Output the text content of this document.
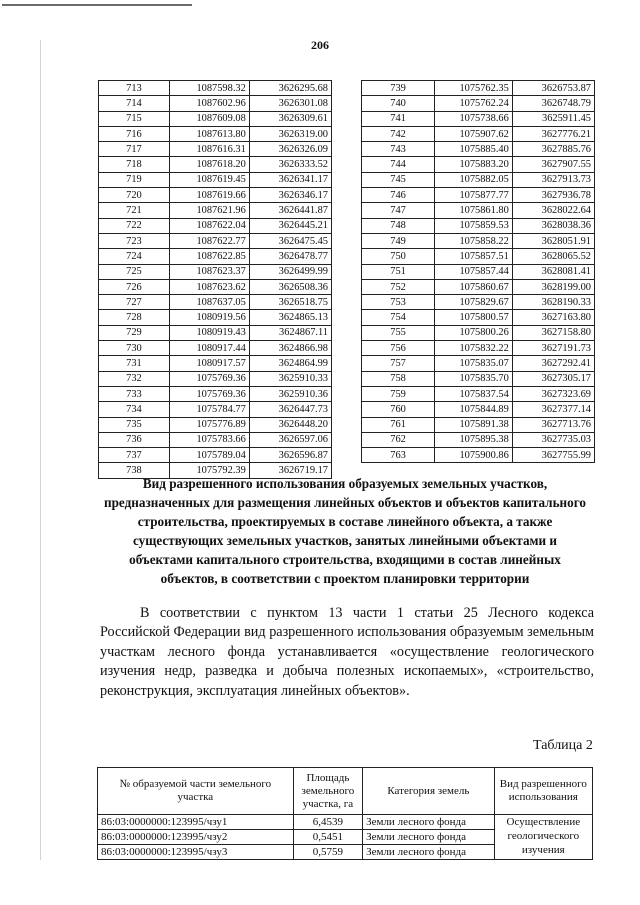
206
713	1087598.32	3626295.68
714	1087602.96	3626301.08
715	1087609.08	3626309.61
716	1087613.80	3626319.00
717	1087616.31	3626326.09
718	1087618.20	3626333.52
719	1087619.45	3626341.17
720	1087619.66	3626346.17
721	1087621.96	3626441.87
722	1087622.04	3626445.21
723	1087622.77	3626475.45
724	1087622.85	3626478.77
725	1087623.37	3626499.99
726	1087623.62	3626508.36
727	1087637.05	3626518.75
728	1080919.56	3624865.13
729	1080919.43	3624867.11
730	1080917.44	3624866.98
731	1080917.57	3624864.99
732	1075769.36	3625910.33
733	1075769.36	3625910.36
734	1075784.77	3626447.73
735	1075776.89	3626448.20
736	1075783.66	3626597.06
737	1075789.04	3626596.87
738	1075792.39	3626719.17
739	1075762.35	3626753.87
740	1075762.24	3626748.79
741	1075738.66	3625911.45
742	1075907.62	3627776.21
743	1075885.40	3627885.76
744	1075883.20	3627907.55
745	1075882.05	3627913.73
746	1075877.77	3627936.78
747	1075861.80	3628022.64
748	1075859.53	3628038.36
749	1075858.22	3628051.91
750	1075857.51	3628065.52
751	1075857.44	3628081.41
752	1075860.67	3628199.00
753	1075829.67	3628190.33
754	1075800.57	3627163.80
755	1075800.26	3627158.80
756	1075832.22	3627191.73
757	1075835.07	3627292.41
758	1075835.70	3627305.17
759	1075837.54	3627323.69
760	1075844.89	3627377.14
761	1075891.38	3627713.76
762	1075895.38	3627735.03
763	1075900.86	3627755.99
Вид разрешенного использования образуемых земельных участков, предназначенных для размещения линейных объектов и объектов капитального строительства, проектируемых в составе линейного объекта, а также существующих земельных участков, занятых линейными объектами и объектами капитального строительства, входящими в состав линейных объектов, в соответствии с проектом планировки территории
В соответствии с пунктом 13 части 1 статьи 25 Лесного кодекса Российской Федерации вид разрешенного использования образуемым земельным участкам лесного фонда устанавливается «осуществление геологического изучения недр, разведка и добыча полезных ископаемых», «строительство, реконструкция, эксплуатация линейных объектов».
Таблица 2
№ образуемой части земельного участка	Площадь земельного участка, га	Категория земель	Вид разрешенного использования
86:03:0000000:123995/чзу1	6,4539	Земли лесного фонда	Осуществление геологического изучения
86:03:0000000:123995/чзу2	0,5451	Земли лесного фонда	
86:03:0000000:123995/чзу3	0,5759	Земли лесного фонда	
